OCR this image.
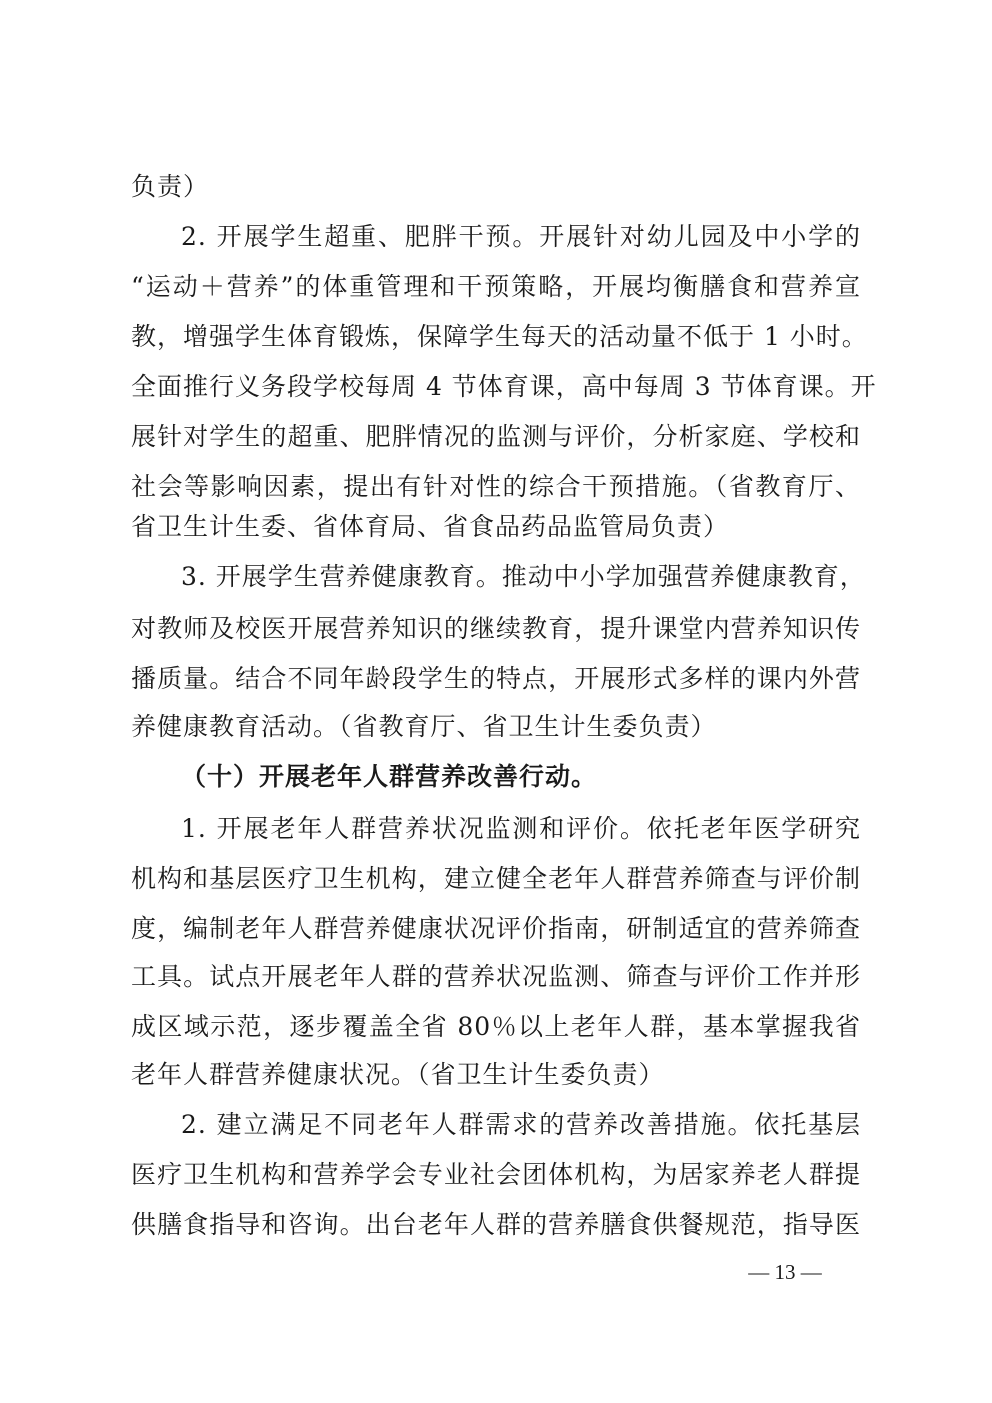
负责）
2. 开展学生超重、肥胖干预。开展针对幼儿园及中小学的
“运动＋营养”的体重管理和干预策略，开展均衡膳食和营养宣
教，增强学生体育锻炼，保障学生每天的活动量不低于 1 小时。
全面推行义务段学校每周 4 节体育课，高中每周 3 节体育课。开
展针对学生的超重、肥胖情况的监测与评价，分析家庭、学校和
社会等影响因素，提出有针对性的综合干预措施。（省教育厅、
省卫生计生委、省体育局、省食品药品监管局负责）
3. 开展学生营养健康教育。推动中小学加强营养健康教育，
对教师及校医开展营养知识的继续教育，提升课堂内营养知识传
播质量。结合不同年龄段学生的特点，开展形式多样的课内外营
养健康教育活动。（省教育厅、省卫生计生委负责）
（十）开展老年人群营养改善行动。
1. 开展老年人群营养状况监测和评价。依托老年医学研究
机构和基层医疗卫生机构，建立健全老年人群营养筛查与评价制
度，编制老年人群营养健康状况评价指南，研制适宜的营养筛查
工具。试点开展老年人群的营养状况监测、筛查与评价工作并形
成区域示范，逐步覆盖全省 80％以上老年人群，基本掌握我省
老年人群营养健康状况。（省卫生计生委负责）
2. 建立满足不同老年人群需求的营养改善措施。依托基层
医疗卫生机构和营养学会专业社会团体机构，为居家养老人群提
供膳食指导和咨询。出台老年人群的营养膳食供餐规范，指导医
— 13 —
